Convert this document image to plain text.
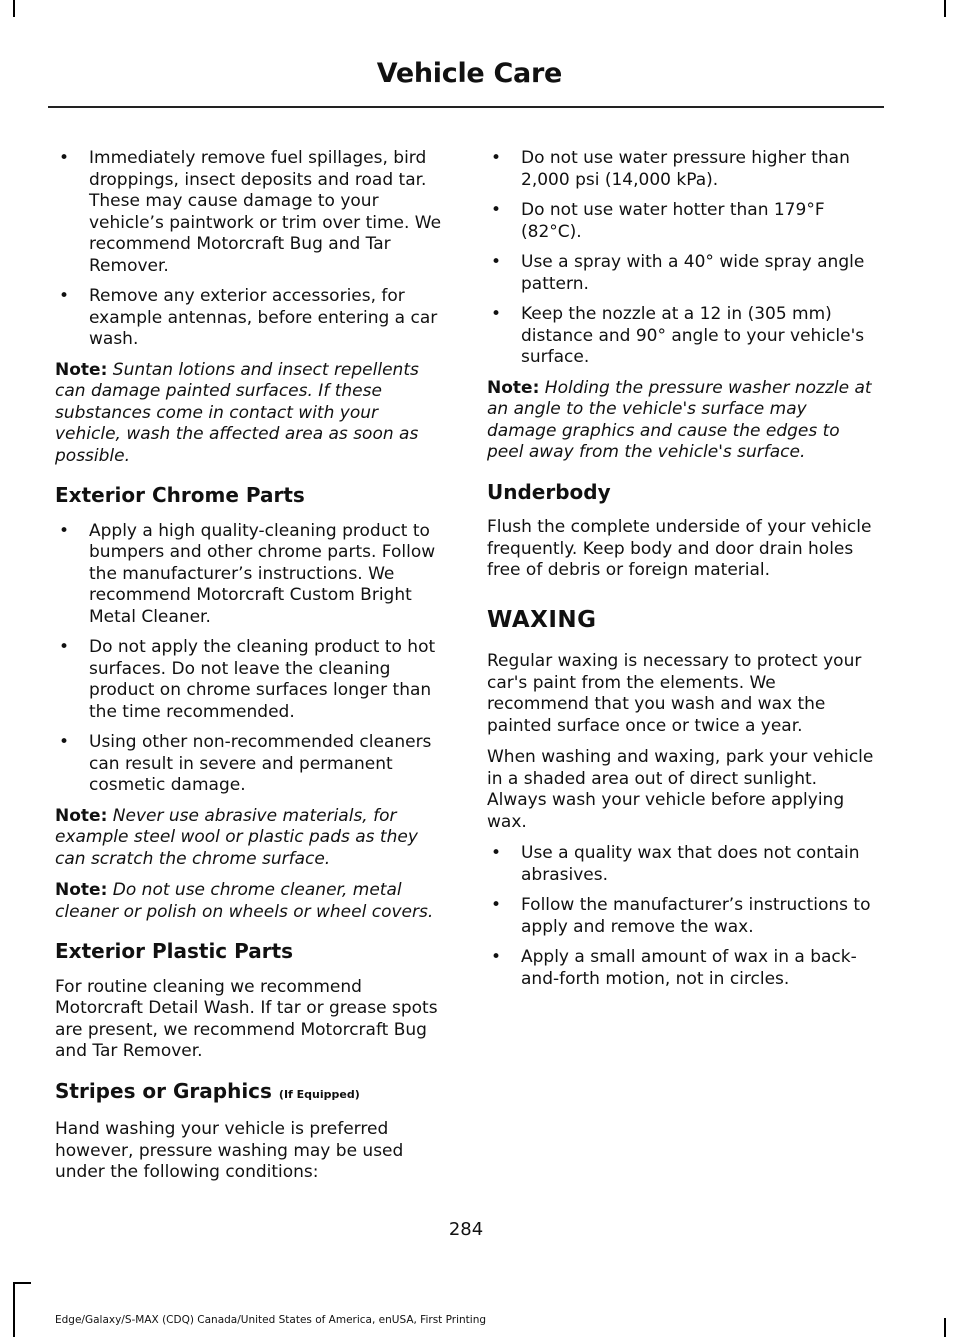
Vehicle Care
• Immediately remove fuel spillages, bird droppings, insect deposits and road tar. These may cause damage to your vehicle’s paintwork or trim over time. We recommend Motorcraft Bug and Tar Remover.
• Remove any exterior accessories, for example antennas, before entering a car wash.

Note: Suntan lotions and insect repellents can damage painted surfaces. If these substances come in contact with your vehicle, wash the affected area as soon as possible.

Exterior Chrome Parts
• Apply a high quality-cleaning product to bumpers and other chrome parts. Follow the manufacturer’s instructions. We recommend Motorcraft Custom Bright Metal Cleaner.
• Do not apply the cleaning product to hot surfaces. Do not leave the cleaning product on chrome surfaces longer than the time recommended.
• Using other non-recommended cleaners can result in severe and permanent cosmetic damage.

Note: Never use abrasive materials, for example steel wool or plastic pads as they can scratch the chrome surface.

Note: Do not use chrome cleaner, metal cleaner or polish on wheels or wheel covers.

Exterior Plastic Parts

For routine cleaning we recommend Motorcraft Detail Wash. If tar or grease spots are present, we recommend Motorcraft Bug and Tar Remover.

Stripes or Graphics (If Equipped)

Hand washing your vehicle is preferred however, pressure washing may be used under the following conditions:

• Do not use water pressure higher than 2,000 psi (14,000 kPa).
• Do not use water hotter than 179°F (82°C).
• Use a spray with a 40° wide spray angle pattern.
• Keep the nozzle at a 12 in (305 mm) distance and 90° angle to your vehicle's surface.

Note: Holding the pressure washer nozzle at an angle to the vehicle's surface may damage graphics and cause the edges to peel away from the vehicle's surface.

Underbody

Flush the complete underside of your vehicle frequently. Keep body and door drain holes free of debris or foreign material.

WAXING

Regular waxing is necessary to protect your car's paint from the elements. We recommend that you wash and wax the painted surface once or twice a year.

When washing and waxing, park your vehicle in a shaded area out of direct sunlight. Always wash your vehicle before applying wax.

• Use a quality wax that does not contain abrasives.
• Follow the manufacturer’s instructions to apply and remove the wax.
• Apply a small amount of wax in a back-and-forth motion, not in circles.
284
Edge/Galaxy/S-MAX (CDQ) Canada/United States of America, enUSA, First Printing
